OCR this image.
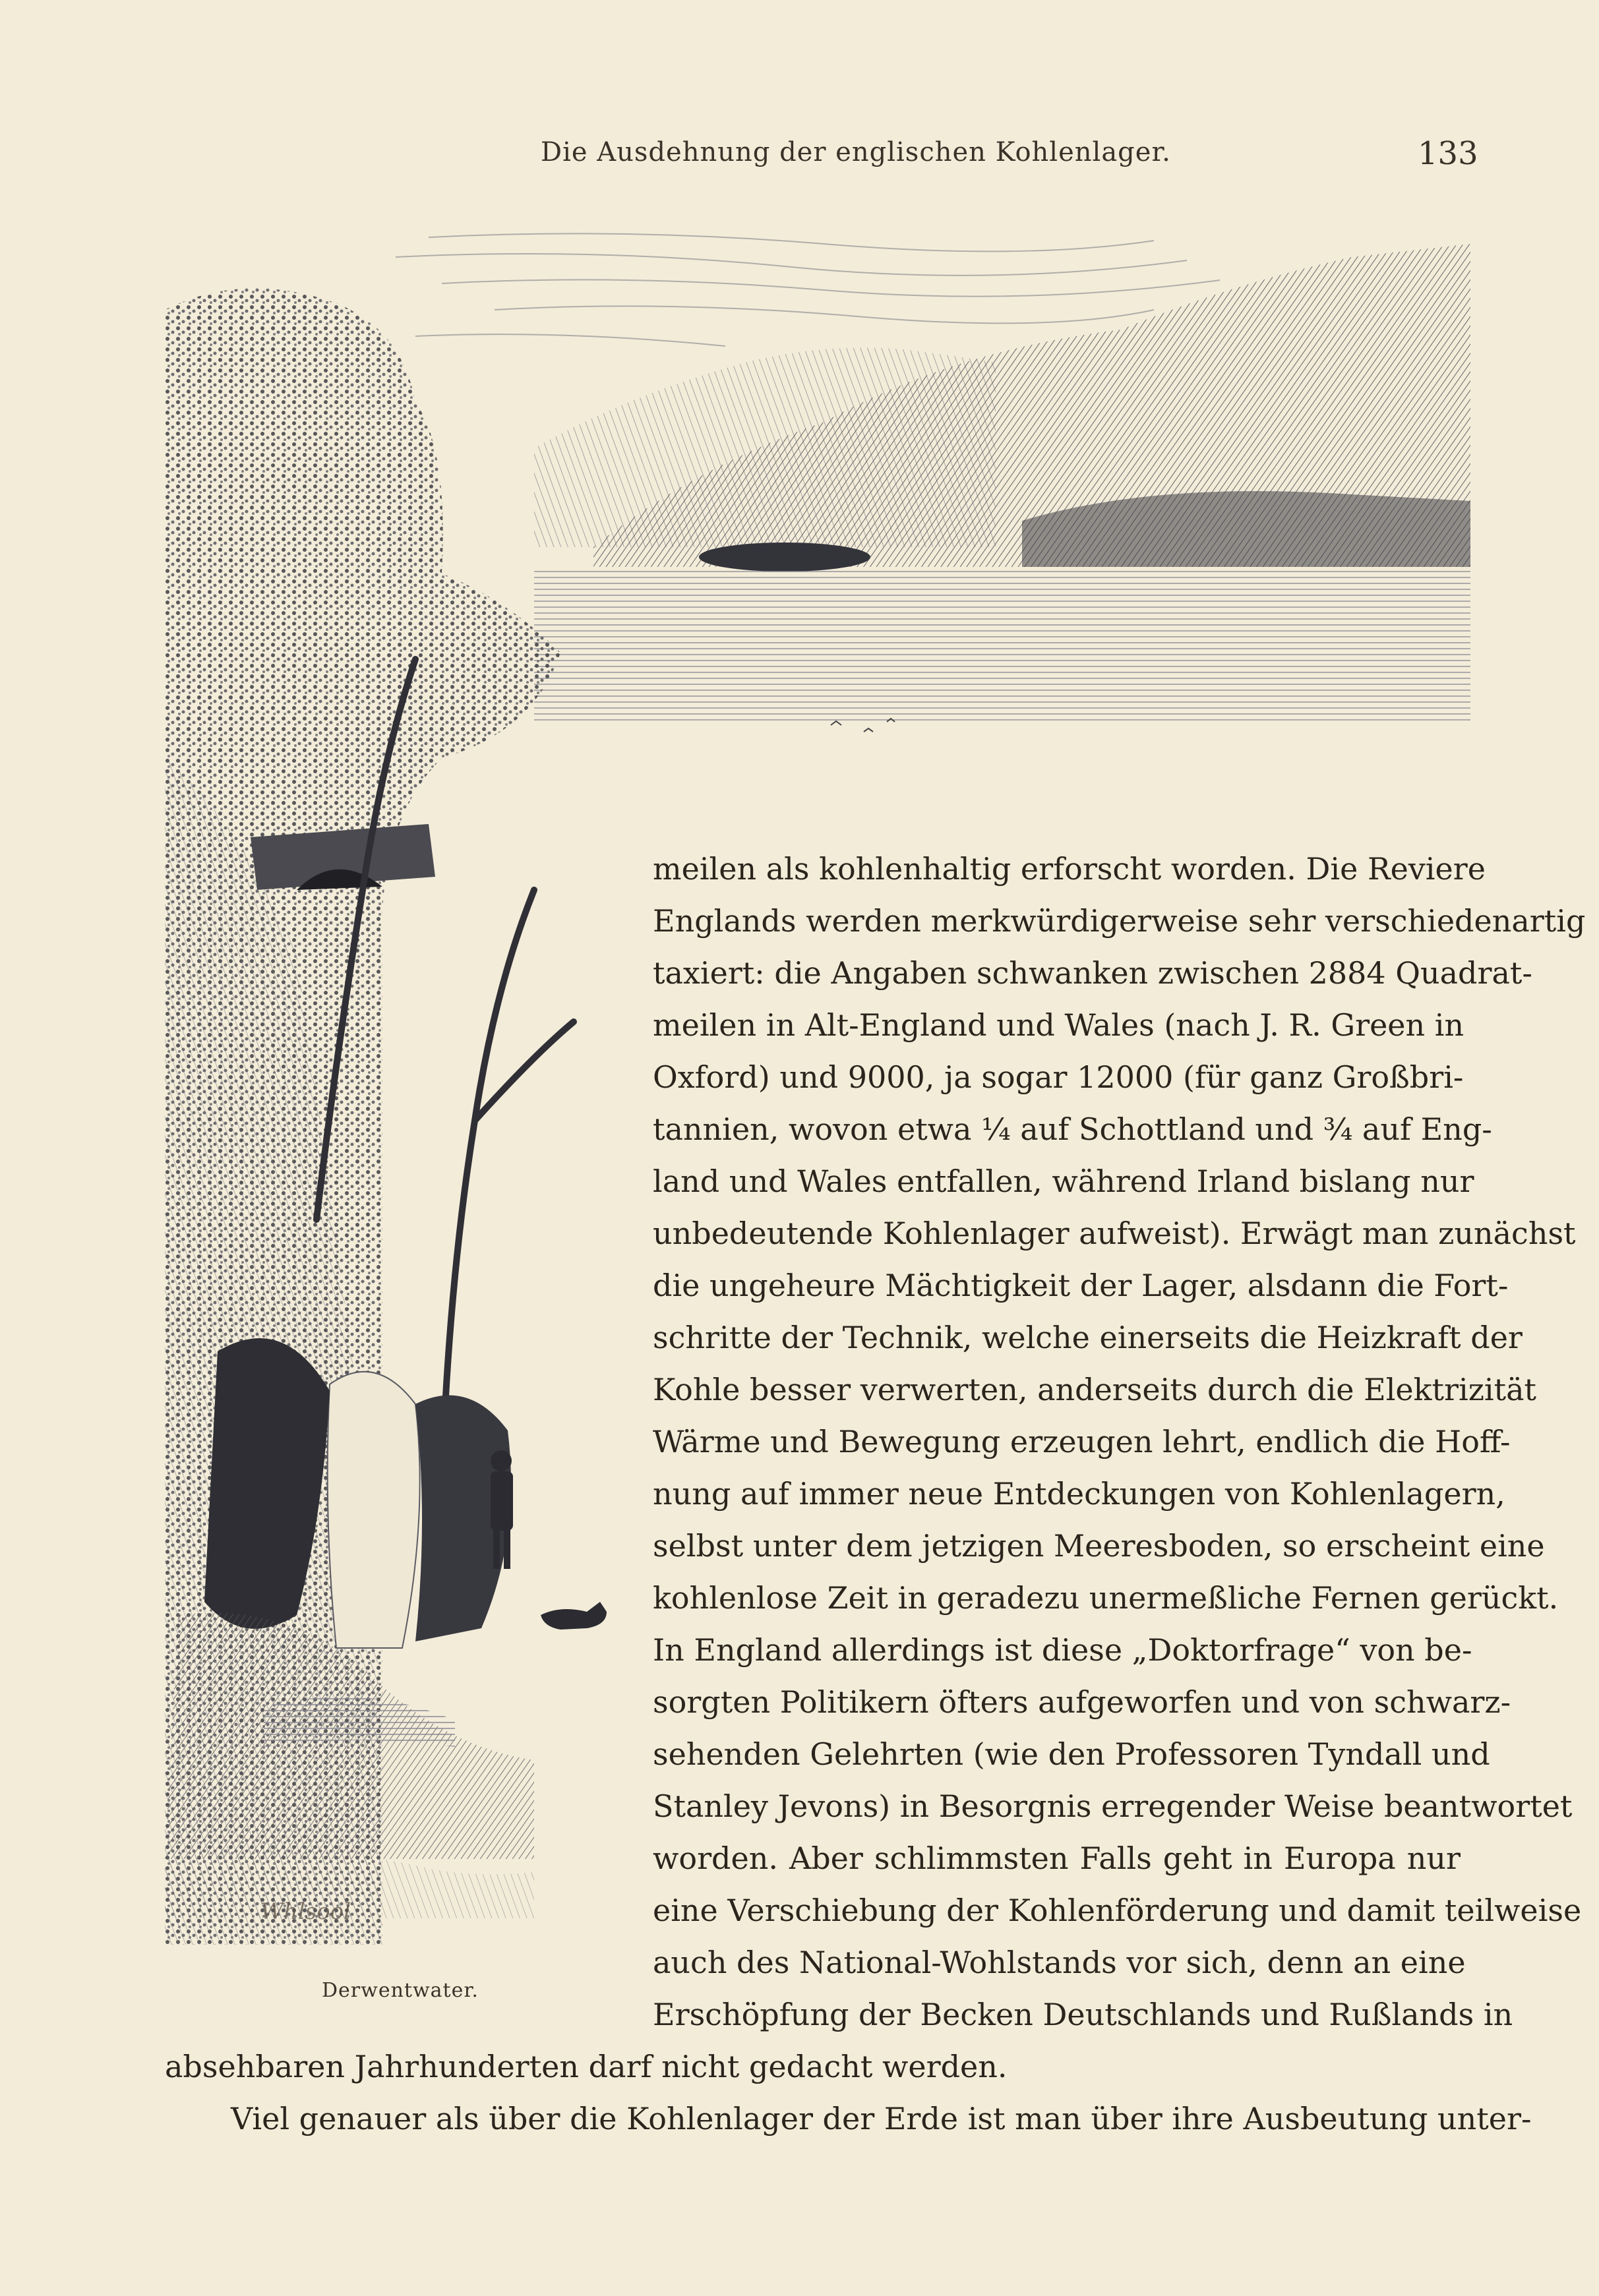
Die Ausdehnung der englischen Kohlenlager.	133
Whlsool
Derwentwater.
meilen als kohlenhaltig erforscht worden. Die Reviere
Englands werden merkwürdigerweise sehr verschiedenartig
taxiert: die Angaben schwanken zwischen 2884 Quadrat-
meilen in Alt-England und Wales (nach J. R. Green in
Oxford) und 9000, ja sogar 12000 (für ganz Großbri-
tannien, wovon etwa ¼ auf Schottland und ¾ auf Eng-
land und Wales entfallen, während Irland bislang nur
unbedeutende Kohlenlager aufweist). Erwägt man zunächst
die ungeheure Mächtigkeit der Lager, alsdann die Fort-
schritte der Technik, welche einerseits die Heizkraft der
Kohle besser verwerten, anderseits durch die Elektrizität
Wärme und Bewegung erzeugen lehrt, endlich die Hoff-
nung auf immer neue Entdeckungen von Kohlenlagern,
selbst unter dem jetzigen Meeresboden, so erscheint eine
kohlenlose Zeit in geradezu unermeßliche Fernen gerückt.
In England allerdings ist diese „Doktorfrage“ von be-
sorgten Politikern öfters aufgeworfen und von schwarz-
sehenden Gelehrten (wie den Professoren Tyndall und
Stanley Jevons) in Besorgnis erregender Weise beantwortet
worden. Aber schlimmsten Falls geht in Europa nur
eine Verschiebung der Kohlenförderung und damit teilweise
auch des National-Wohlstands vor sich, denn an eine
Erschöpfung der Becken Deutschlands und Rußlands in
absehbaren Jahrhunderten darf nicht gedacht werden.
Viel genauer als über die Kohlenlager der Erde ist man über ihre Ausbeutung unter-
